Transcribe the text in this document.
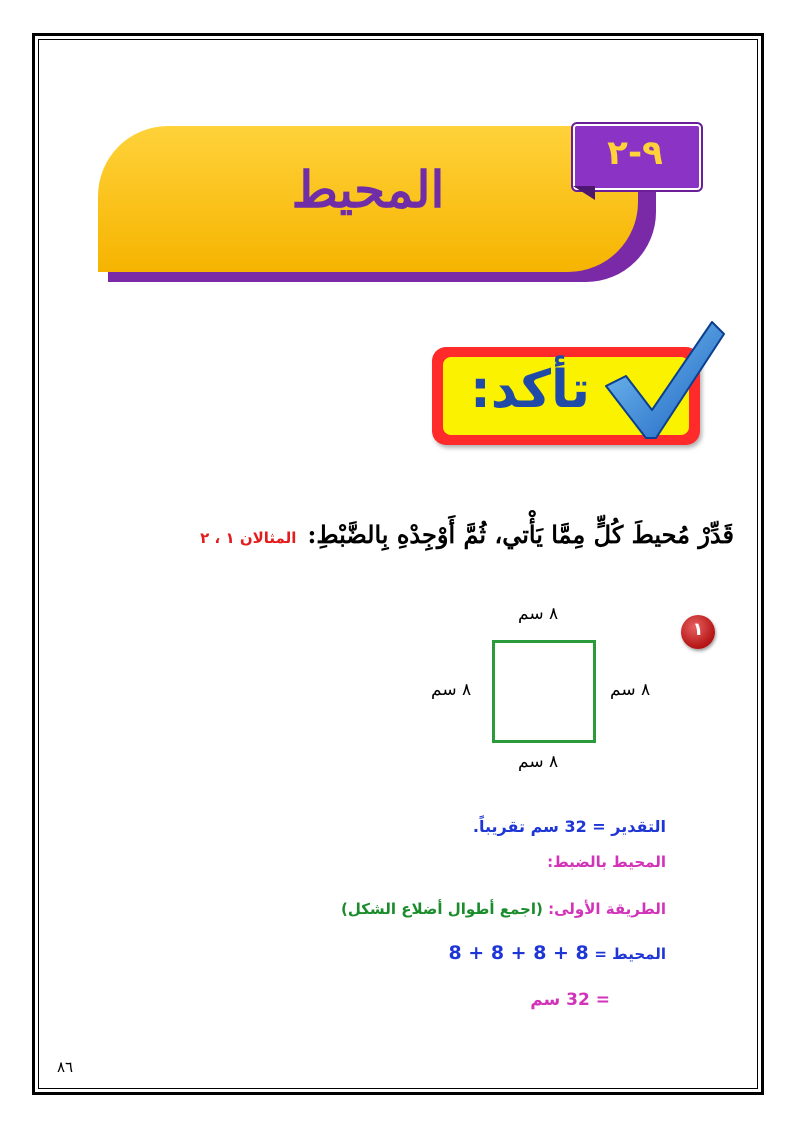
المحيط
٩-٢
تأكد:
قَدِّرْ مُحيطَ كُلٍّ مِمَّا يَأْتي، ثُمَّ أَوْجِدْهِ بِالضَّبْطِ: المثالان ١ ، ٢
١
٨ سم
٨ سم
٨ سم
٨ سم
التقدير = 32 سم تقريباً.
المحيط بالضبط:
الطريقة الأولى: (اجمع أطوال أضلاع الشكل)
المحيط = 8 + 8 + 8 + 8
= 32 سم
٨٦
